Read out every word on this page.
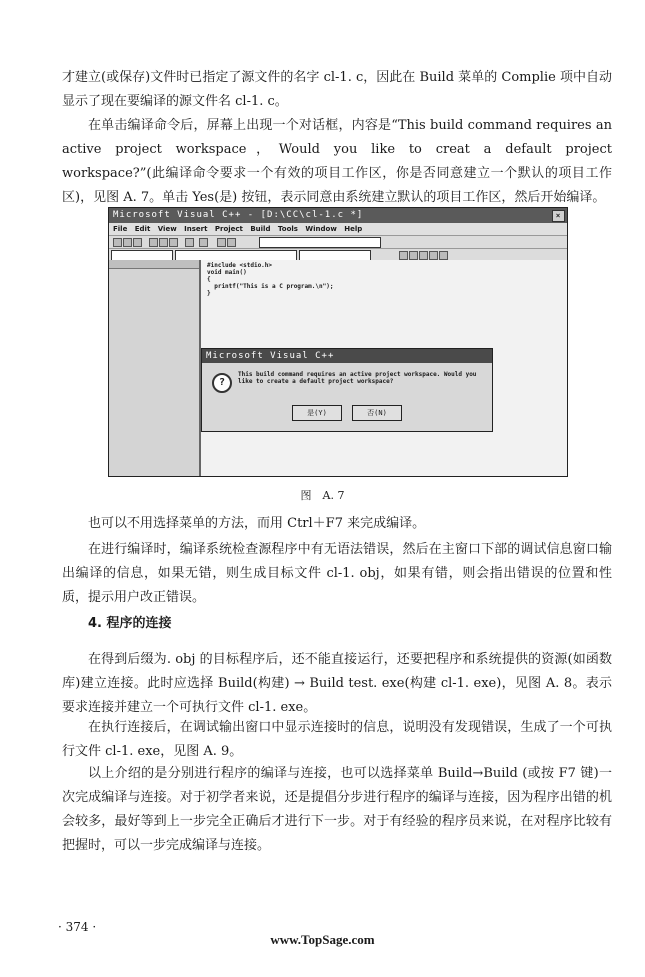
才建立(或保存)文件时已指定了源文件的名字 cl-1. c，因此在 Build 菜单的 Complie 项中自动显示了现在要编译的源文件名 cl-1. c。

在单击编译命令后，屏幕上出现一个对话框，内容是“This build command requires an active project workspace，Would you like to creat a default project workspace?”(此编译命令要求一个有效的项目工作区，你是否同意建立一个默认的项目工作区)，见图 A. 7。单击 Yes(是) 按钮，表示同意由系统建立默认的项目工作区，然后开始编译。

Microsoft Visual C++ - [D:\CC\cl-1.c *]	×
File Edit View Insert Project Build Tools Window Help
#include <stdio.h>
void main()
{
printf("This is a C program.\n");
}
Microsoft Visual C++
?
This build command requires an active project workspace. Would you like to create a default project workspace?
是(Y)	否(N)
图　A. 7

也可以不用选择菜单的方法，而用 Ctrl＋F7 来完成编译。

在进行编译时，编译系统检查源程序中有无语法错误，然后在主窗口下部的调试信息窗口输出编译的信息，如果无错，则生成目标文件 cl-1. obj，如果有错，则会指出错误的位置和性质，提示用户改正错误。

4. 程序的连接

在得到后缀为. obj 的目标程序后，还不能直接运行，还要把程序和系统提供的资源(如函数库)建立连接。此时应选择 Build(构建) → Build test. exe(构建 cl-1. exe)，见图 A. 8。表示要求连接并建立一个可执行文件 cl-1. exe。

在执行连接后，在调试输出窗口中显示连接时的信息，说明没有发现错误，生成了一个可执行文件 cl-1. exe，见图 A. 9。

以上介绍的是分别进行程序的编译与连接，也可以选择菜单 Build→Build (或按 F7 键)一次完成编译与连接。对于初学者来说，还是提倡分步进行程序的编译与连接，因为程序出错的机会较多，最好等到上一步完全正确后才进行下一步。对于有经验的程序员来说，在对程序比较有把握时，可以一步完成编译与连接。

· 374 ·
www.TopSage.com
